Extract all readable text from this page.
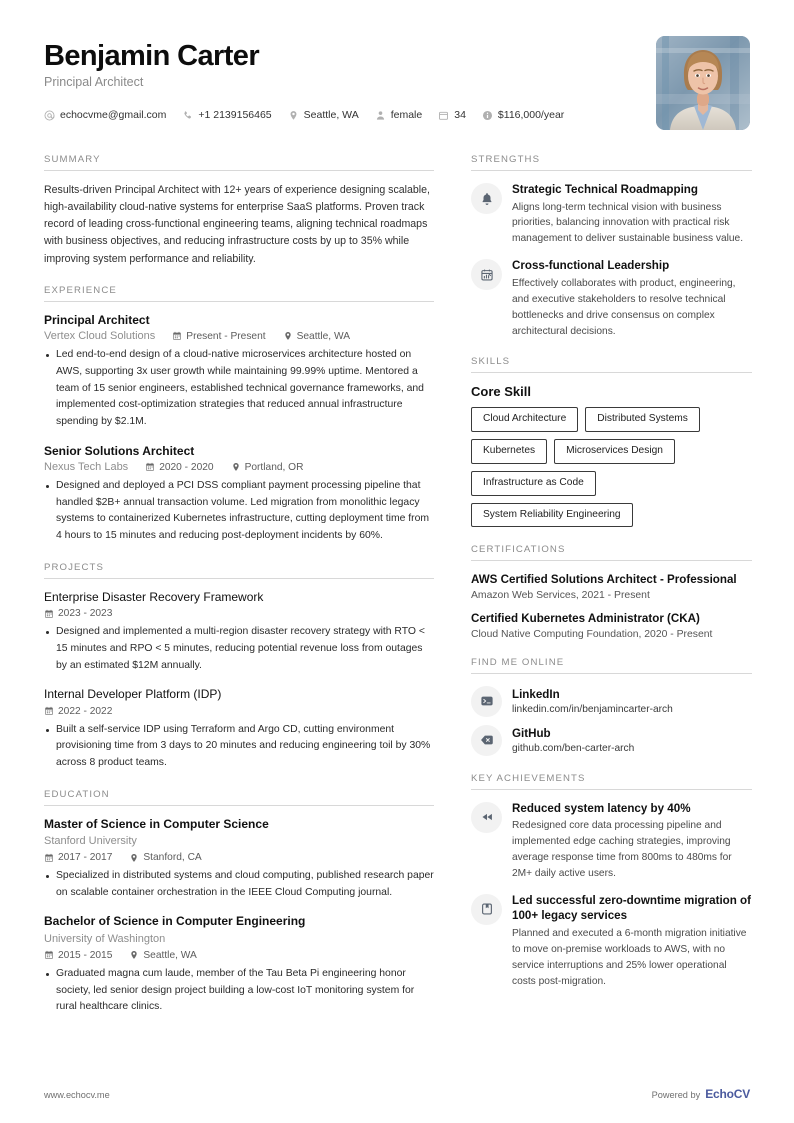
Benjamin Carter
Principal Architect
echocvme@gmail.com	+1 2139156465	Seattle, WA	female	34	$116,000/year
SUMMARY
Results-driven Principal Architect with 12+ years of experience designing scalable, high-availability cloud-native systems for enterprise SaaS platforms. Proven track record of leading cross-functional engineering teams, aligning technical roadmaps with business objectives, and reducing infrastructure costs by up to 35% while improving system performance and reliability.
EXPERIENCE
Principal Architect
Vertex Cloud Solutions	Present - Present	Seattle, WA
Led end-to-end design of a cloud-native microservices architecture hosted on AWS, supporting 3x user growth while maintaining 99.99% uptime. Mentored a team of 15 senior engineers, established technical governance frameworks, and implemented cost-optimization strategies that reduced annual infrastructure spending by $2.1M.
Senior Solutions Architect
Nexus Tech Labs	2020 - 2020	Portland, OR
Designed and deployed a PCI DSS compliant payment processing pipeline that handled $2B+ annual transaction volume. Led migration from monolithic legacy systems to containerized Kubernetes infrastructure, cutting deployment time from 4 hours to 15 minutes and reducing post-deployment incidents by 60%.
PROJECTS
Enterprise Disaster Recovery Framework
2023 - 2023
Designed and implemented a multi-region disaster recovery strategy with RTO < 15 minutes and RPO < 5 minutes, reducing potential revenue loss from outages by an estimated $12M annually.
Internal Developer Platform (IDP)
2022 - 2022
Built a self-service IDP using Terraform and Argo CD, cutting environment provisioning time from 3 days to 20 minutes and reducing engineering toil by 30% across 8 product teams.
EDUCATION
Master of Science in Computer Science
Stanford University
2017 - 2017	Stanford, CA
Specialized in distributed systems and cloud computing, published research paper on scalable container orchestration in the IEEE Cloud Computing journal.
Bachelor of Science in Computer Engineering
University of Washington
2015 - 2015	Seattle, WA
Graduated magna cum laude, member of the Tau Beta Pi engineering honor society, led senior design project building a low-cost IoT monitoring system for rural healthcare clinics.
STRENGTHS
Strategic Technical Roadmapping
Aligns long-term technical vision with business priorities, balancing innovation with practical risk management to deliver sustainable business value.
Cross-functional Leadership
Effectively collaborates with product, engineering, and executive stakeholders to resolve technical bottlenecks and drive consensus on complex architectural decisions.
SKILLS
Core Skill
Cloud Architecture	Distributed Systems
Kubernetes	Microservices Design
Infrastructure as Code
System Reliability Engineering
CERTIFICATIONS
AWS Certified Solutions Architect - Professional
Amazon Web Services, 2021 - Present
Certified Kubernetes Administrator (CKA)
Cloud Native Computing Foundation, 2020 - Present
FIND ME ONLINE
LinkedIn
linkedin.com/in/benjamincarter-arch
GitHub
github.com/ben-carter-arch
KEY ACHIEVEMENTS
Reduced system latency by 40%
Redesigned core data processing pipeline and implemented edge caching strategies, improving average response time from 800ms to 480ms for 2M+ daily active users.
Led successful zero-downtime migration of 100+ legacy services
Planned and executed a 6-month migration initiative to move on-premise workloads to AWS, with no service interruptions and 25% lower operational costs post-migration.
www.echocv.me	Powered by EchoCV
